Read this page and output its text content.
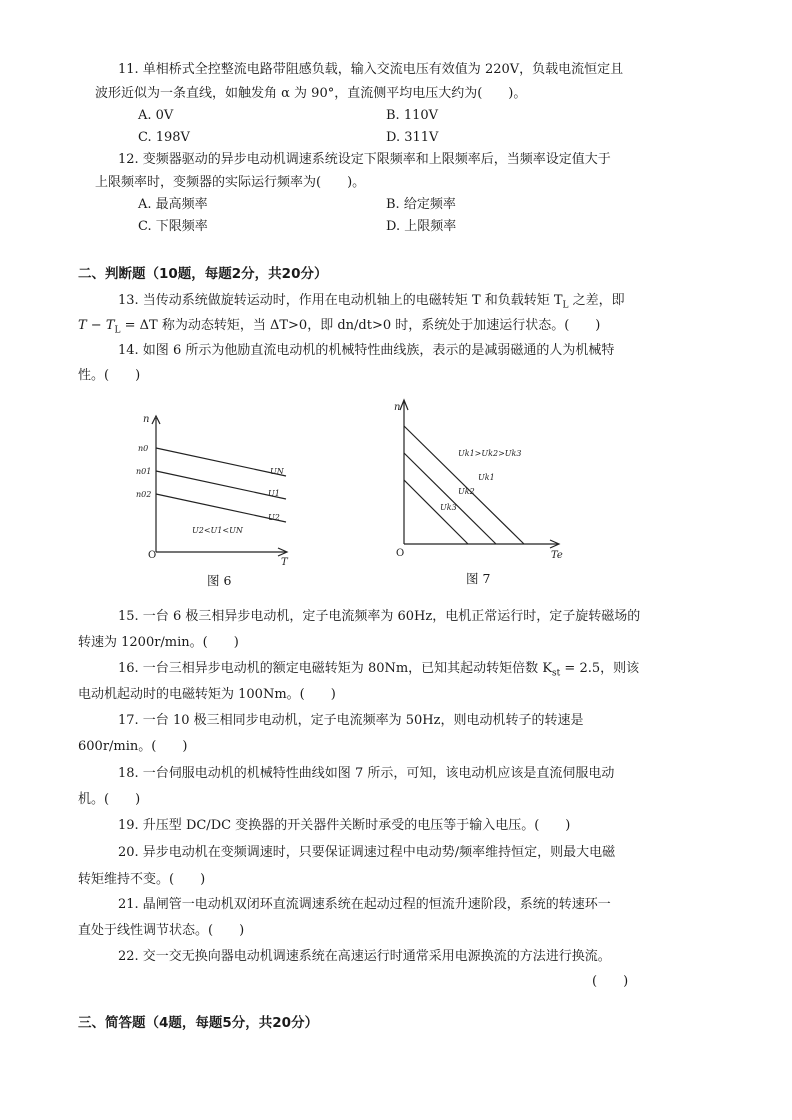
11. 单相桥式全控整流电路带阻感负载，输入交流电压有效值为 220V，负载电流恒定且
波形近似为一条直线，如触发角 α 为 90°，直流侧平均电压大约为(　　)。
A. 0V	B. 110V
C. 198V	D. 311V
12. 变频器驱动的异步电动机调速系统设定下限频率和上限频率后，当频率设定值大于
上限频率时，变频器的实际运行频率为(　　)。
A. 最高频率	B. 给定频率
C. 下限频率	D. 上限频率
二、判断题（10题，每题2分，共20分）
13. 当传动系统做旋转运动时，作用在电动机轴上的电磁转矩 T 和负载转矩 $T_L$ 之差，即
$T - T_L = \Delta T$ 称为动态转矩，当 ΔT>0，即 dn/dt>0 时，系统处于加速运行状态。(　　)
14. 如图 6 所示为他励直流电动机的机械特性曲线族，表示的是减弱磁通的人为机械特
性。(　　)
n
T
O
n0
n01
n02
UN
U1
U2
U2<U1<UN
图 6
n
Te
O
Uk1>Uk2>Uk3
Uk1
Uk2
Uk3
图 7
15. 一台 6 极三相异步电动机，定子电流频率为 60Hz，电机正常运行时，定子旋转磁场的
转速为 1200r/min。(　　)
16. 一台三相异步电动机的额定电磁转矩为 80Nm，已知其起动转矩倍数 $K_{st} = 2.5$，则该
电动机起动时的电磁转矩为 100Nm。(　　)
17. 一台 10 极三相同步电动机，定子电流频率为 50Hz，则电动机转子的转速是
600r/min。(　　)
18. 一台伺服电动机的机械特性曲线如图 7 所示，可知，该电动机应该是直流伺服电动
机。(　　)
19. 升压型 DC/DC 变换器的开关器件关断时承受的电压等于输入电压。(　　)
20. 异步电动机在变频调速时，只要保证调速过程中电动势/频率维持恒定，则最大电磁
转矩维持不变。(　　)
21. 晶闸管一电动机双闭环直流调速系统在起动过程的恒流升速阶段，系统的转速环一
直处于线性调节状态。(　　)
22. 交一交无换向器电动机调速系统在高速运行时通常采用电源换流的方法进行换流。
(　　)
三、简答题（4题，每题5分，共20分）
